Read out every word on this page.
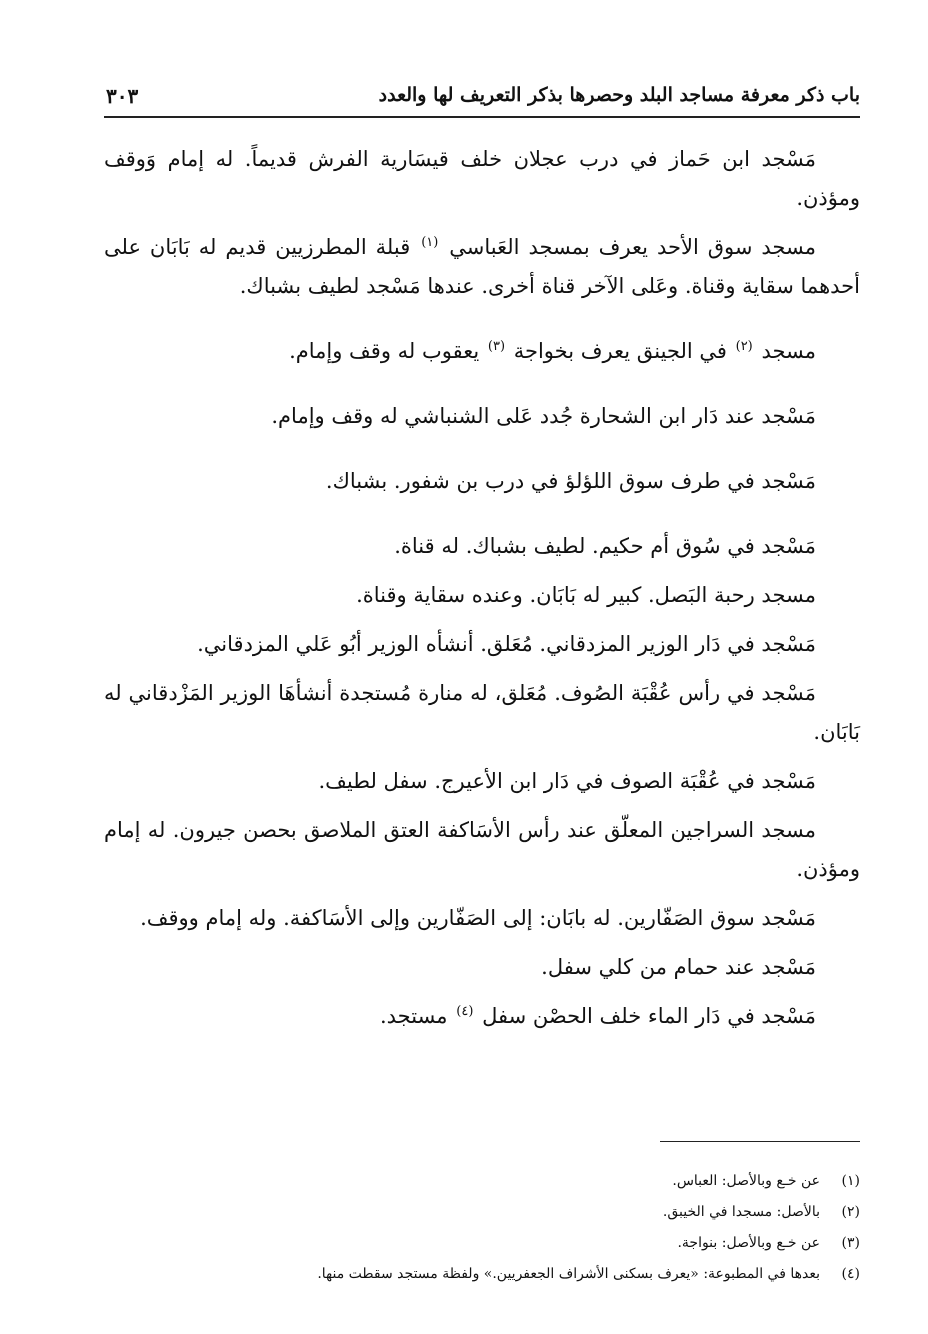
باب ذكر معرفة مساجد البلد وحصرها بذكر التعريف لها والعدد
٣٠٣

مَسْجد ابن حَماز في درب عجلان خلف قيسَارية الفرش قديماً. له إمام وَوقف ومؤذن.

مسجد سوق الأحد يعرف بمسجد العَباسي $^{(١)}$ قبلة المطرزيين قديم له بَابَان على أحدهما سقاية وقناة. وعَلى الآخر قناة أخرى. عندها مَسْجد لطيف بشباك.

مسجد $^{(٢)}$ في الجينق يعرف بخواجة $^{(٣)}$ يعقوب له وقف وإمام.

مَسْجد عند دَار ابن الشحارة جُدد عَلى الشنباشي له وقف وإمام.

مَسْجد في طرف سوق اللؤلؤ في درب بن شفور. بشباك.

مَسْجد في سُوق أم حكيم. لطيف بشباك. له قناة.

مسجد رحبة البَصل. كبير له بَابَان. وعنده سقاية وقناة.

مَسْجد في دَار الوزير المزدقاني. مُعَلق. أنشأه الوزير أبُو عَلي المزدقاني.

مَسْجد في رأس عُقْبَة الصُوف. مُعَلق، له منارة مُستجدة أنشأهَا الوزير المَزْدقاني له بَابَان.

مَسْجد في عُقْبَة الصوف في دَار ابن الأعيرج. سفل لطيف.

مسجد السراجين المعلّق عند رأس الأسَاكفة العتق الملاصق بحصن جيرون. له إمام ومؤذن.

مَسْجد سوق الصَفّارين. له بابَان: إلى الصَفّارين وإلى الأسَاكفة. وله إمام ووقف.

مَسْجد عند حمام من كلي سفل.

مَسْجد في دَار الماء خلف الحصْن سفل $^{(٤)}$ مستجد.

(١)
عن خـع وبالأصل: العباس.
(٢)
بالأصل: مسجدا في الخيبق.
(٣)
عن خـع وبالأصل: بنواجة.
(٤)
بعدها في المطبوعة: «يعرف بسكنى الأشراف الجعفريين.» ولفظة مستجد سقطت منها.
